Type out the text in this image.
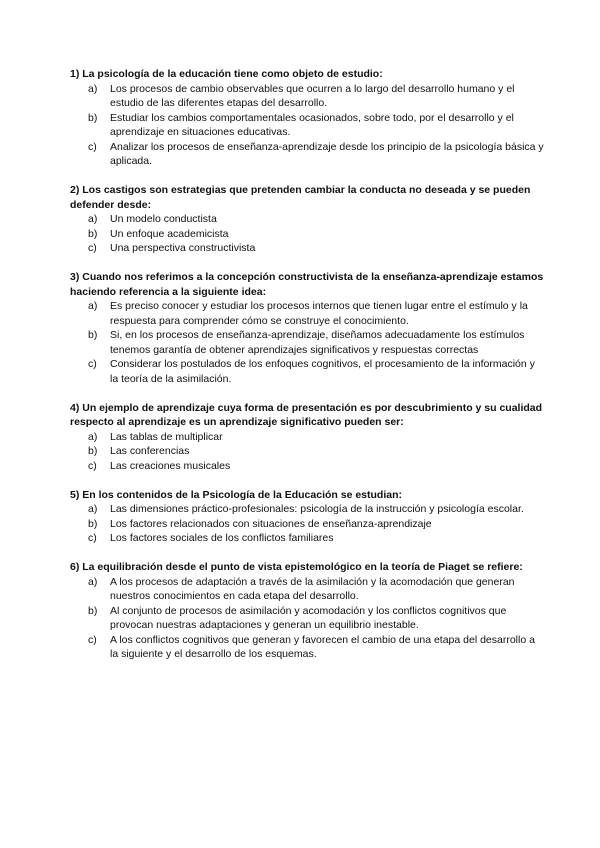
1) La psicología de la educación tiene como objeto de estudio:

a)	Los procesos de cambio observables que ocurren a lo largo del desarrollo humano y el estudio de las diferentes etapas del desarrollo.
b)	Estudiar los cambios comportamentales ocasionados, sobre todo, por el desarrollo y el aprendizaje en situaciones educativas.
c)	Analizar los procesos de enseñanza-aprendizaje desde los principio de la psicología básica y aplicada.

2) Los castigos son estrategias que pretenden cambiar la conducta no deseada y se pueden defender desde:

a)	Un modelo conductista
b)	Un enfoque academicista
c)	Una perspectiva constructivista

3) Cuando nos referimos a la concepción constructivista de la enseñanza-aprendizaje estamos haciendo referencia a la siguiente idea:

a)	Es preciso conocer y estudiar los procesos internos que tienen lugar entre el estímulo y la respuesta para comprender cómo se construye el conocimiento.
b)	Si, en los procesos de enseñanza-aprendizaje, diseñamos adecuadamente los estímulos tenemos garantía de obtener aprendizajes significativos y respuestas correctas
c)	Considerar los postulados de los enfoques cognitivos, el procesamiento de la información y la teoría de la asimilación.

4) Un ejemplo de aprendizaje cuya forma de presentación es por descubrimiento y su cualidad respecto al aprendizaje es un aprendizaje significativo pueden ser:

a)	Las tablas de multiplicar
b)	Las conferencias
c)	Las creaciones musicales

5) En los contenidos de la Psicología de la Educación se estudian:

a)	Las dimensiones práctico-profesionales: psicología de la instrucción y psicología escolar.
b)	Los factores relacionados con situaciones de enseñanza-aprendizaje
c)	Los factores sociales de los conflictos familiares

6) La equilibración desde el punto de vista epistemológico en la teoría de Piaget se refiere:

a)	A los procesos de adaptación a través de la asimilación y la acomodación que generan nuestros conocimientos en cada etapa del desarrollo.
b)	Al conjunto de procesos de asimilación y acomodación y los conflictos cognitivos que provocan nuestras adaptaciones y generan un equilibrio inestable.
c)	A los conflictos cognitivos que generan y favorecen el cambio de una etapa del desarrollo a la siguiente y el desarrollo de los esquemas.
